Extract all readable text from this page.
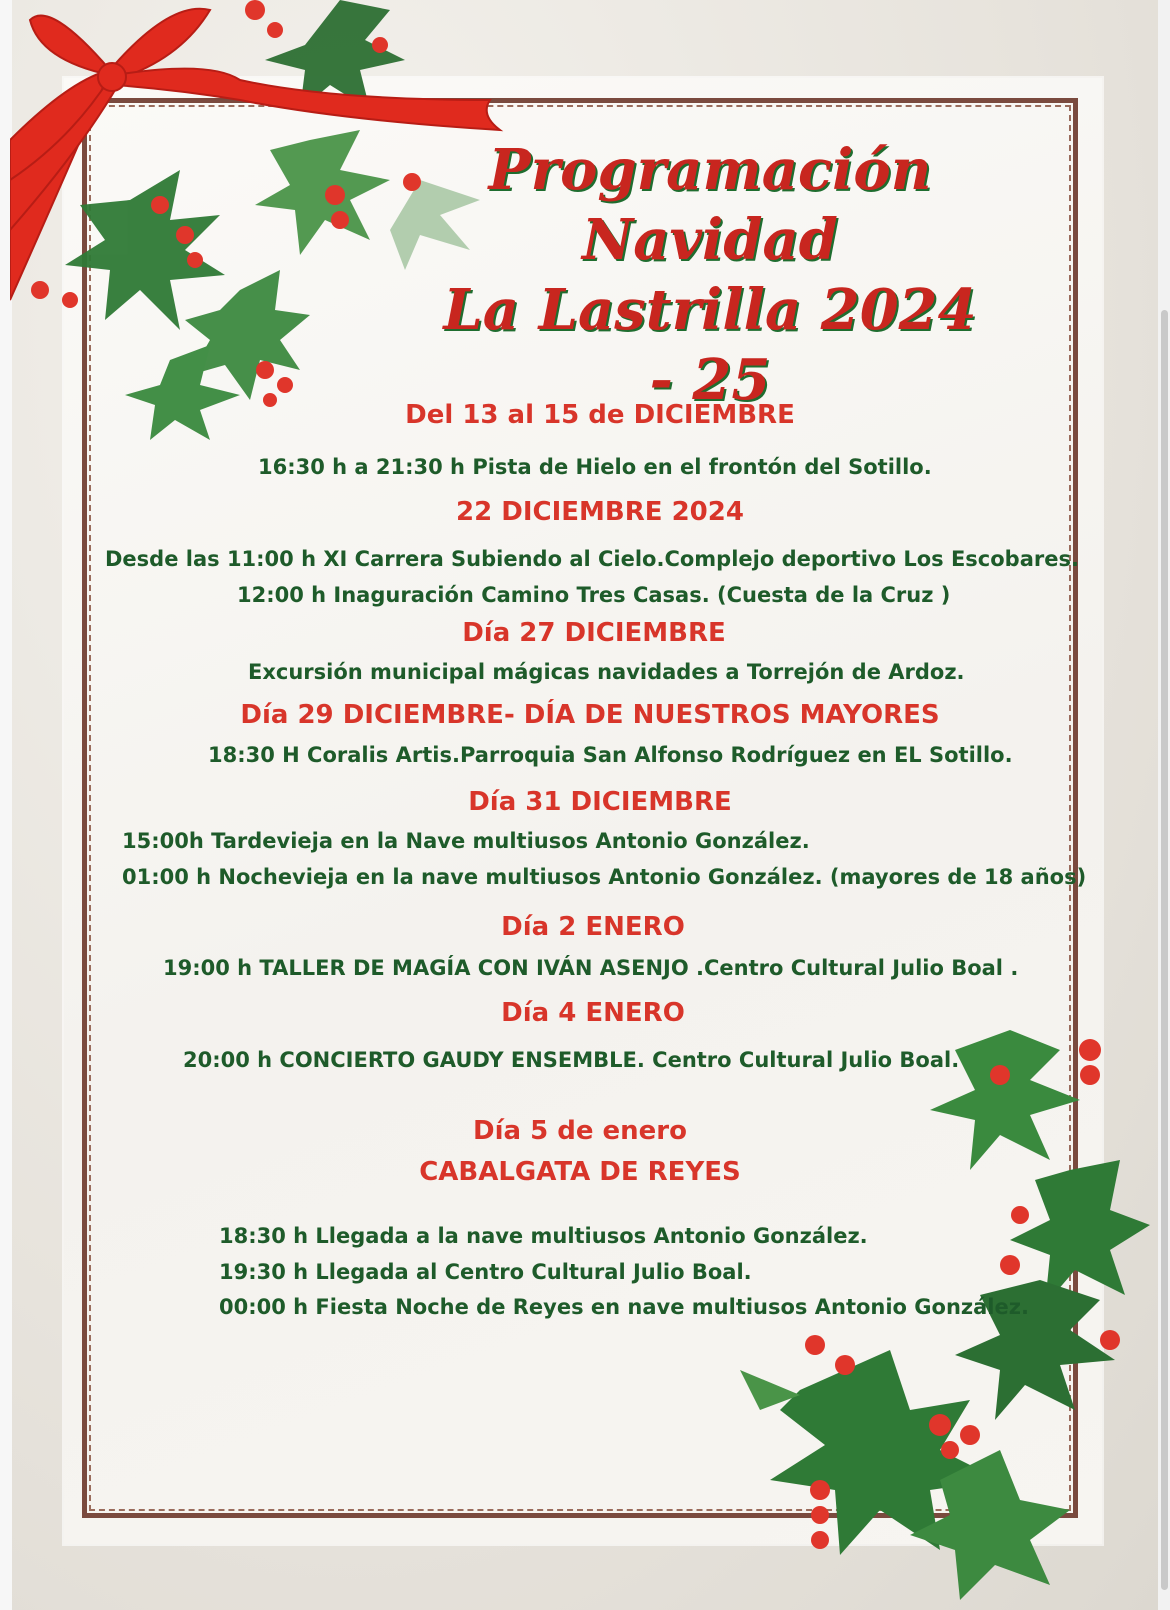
Programación
Navidad
La Lastrilla 2024 - 25
Del 13 al 15 de DICIEMBRE
16:30 h a 21:30 h Pista de Hielo en el frontón del Sotillo.
22 DICIEMBRE 2024
Desde las 11:00 h XI Carrera Subiendo al Cielo.Complejo deportivo Los Escobares.
12:00 h Inaguración Camino Tres Casas. (Cuesta de la Cruz )
Día 27 DICIEMBRE
Excursión municipal mágicas navidades a Torrejón de Ardoz.
Día 29 DICIEMBRE- DÍA DE NUESTROS MAYORES
18:30 H Coralis Artis.Parroquia San Alfonso Rodríguez en EL Sotillo.
Día 31 DICIEMBRE
15:00h Tardevieja en la Nave multiusos Antonio González.
01:00 h Nochevieja en la nave multiusos Antonio González. (mayores de 18 años)
Día 2 ENERO
19:00 h TALLER DE MAGÍA CON IVÁN ASENJO .Centro Cultural Julio Boal .
Día 4 ENERO
20:00 h CONCIERTO GAUDY ENSEMBLE. Centro Cultural Julio Boal.
Día 5 de enero
CABALGATA DE REYES
18:30 h Llegada a la nave multiusos Antonio González.
19:30 h Llegada al Centro Cultural Julio Boal.
00:00 h Fiesta Noche de Reyes en nave multiusos Antonio González.
